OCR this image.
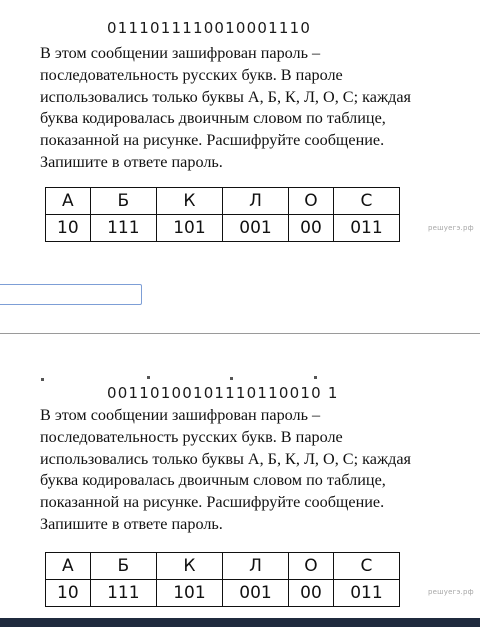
0111011110010001110
В этом сообщении зашифрован пароль –
последовательность русских букв. В пароле
использовались только буквы А, Б, К, Л, О, С; каждая
буква кодировалась двоичным словом по таблице,
показанной на рисунке. Расшифруйте сообщение.
Запишите в ответе пароль.
А	Б	К	Л	О	С
10	111	101	001	00	011	решуегэ.рф
00110100101110110010 1
В этом сообщении зашифрован пароль –
последовательность русских букв. В пароле
использовались только буквы А, Б, К, Л, О, С; каждая
буква кодировалась двоичным словом по таблице,
показанной на рисунке. Расшифруйте сообщение.
Запишите в ответе пароль.
А	Б	К	Л	О	С
10	111	101	001	00	011	решуегэ.рф
